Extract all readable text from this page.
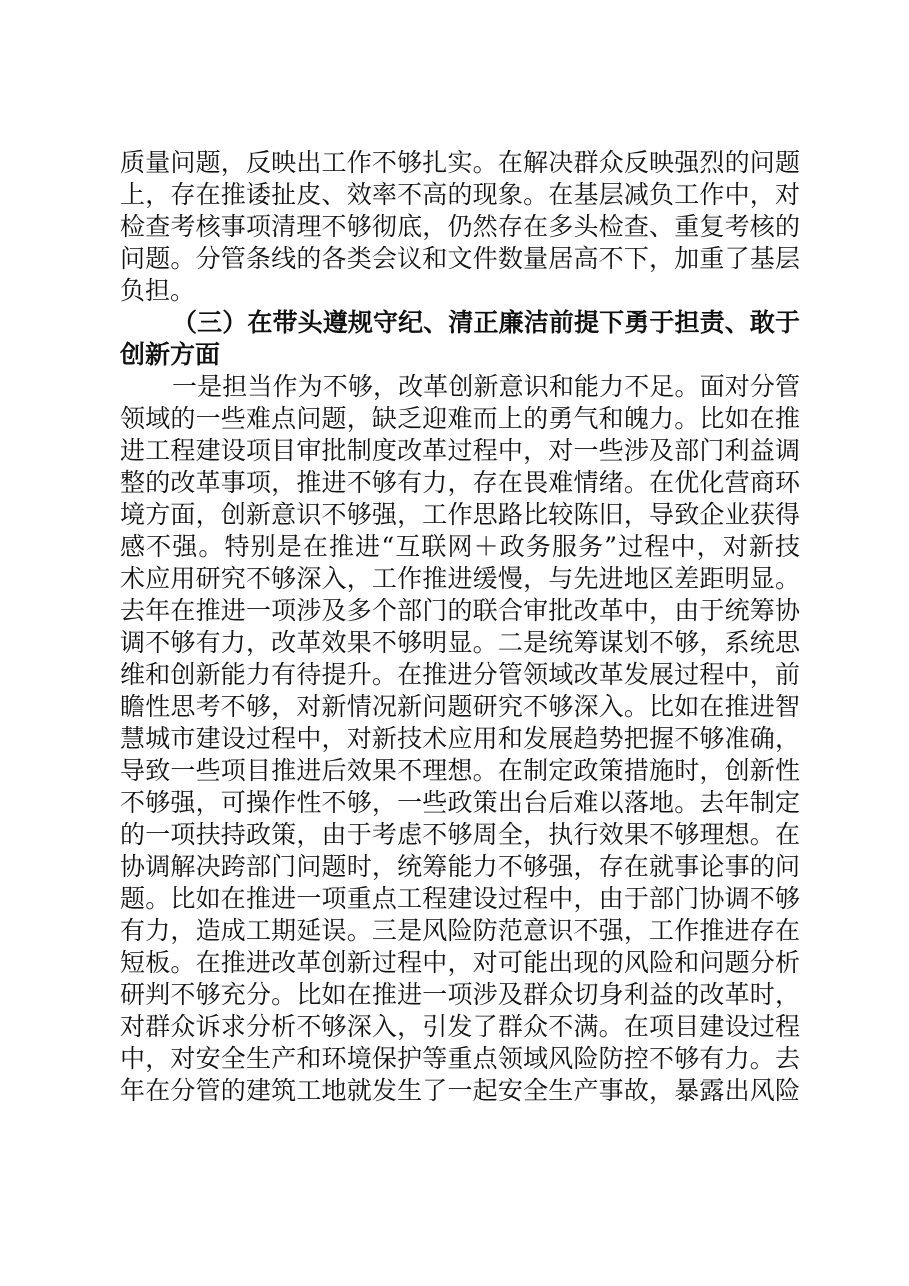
质量问题，反映出工作不够扎实。在解决群众反映强烈的问题
上，存在推诿扯皮、效率不高的现象。在基层减负工作中，对
检查考核事项清理不够彻底，仍然存在多头检查、重复考核的
问题。分管条线的各类会议和文件数量居高不下，加重了基层
负担。
（三）在带头遵规守纪、清正廉洁前提下勇于担责、敢于
创新方面
一是担当作为不够，改革创新意识和能力不足。面对分管
领域的一些难点问题，缺乏迎难而上的勇气和魄力。比如在推
进工程建设项目审批制度改革过程中，对一些涉及部门利益调
整的改革事项，推进不够有力，存在畏难情绪。在优化营商环
境方面，创新意识不够强，工作思路比较陈旧，导致企业获得
感不强。特别是在推进“互联网＋政务服务”过程中，对新技
术应用研究不够深入，工作推进缓慢，与先进地区差距明显。
去年在推进一项涉及多个部门的联合审批改革中，由于统筹协
调不够有力，改革效果不够明显。二是统筹谋划不够，系统思
维和创新能力有待提升。在推进分管领域改革发展过程中，前
瞻性思考不够，对新情况新问题研究不够深入。比如在推进智
慧城市建设过程中，对新技术应用和发展趋势把握不够准确，
导致一些项目推进后效果不理想。在制定政策措施时，创新性
不够强，可操作性不够，一些政策出台后难以落地。去年制定
的一项扶持政策，由于考虑不够周全，执行效果不够理想。在
协调解决跨部门问题时，统筹能力不够强，存在就事论事的问
题。比如在推进一项重点工程建设过程中，由于部门协调不够
有力，造成工期延误。三是风险防范意识不强，工作推进存在
短板。在推进改革创新过程中，对可能出现的风险和问题分析
研判不够充分。比如在推进一项涉及群众切身利益的改革时，
对群众诉求分析不够深入，引发了群众不满。在项目建设过程
中，对安全生产和环境保护等重点领域风险防控不够有力。去
年在分管的建筑工地就发生了一起安全生产事故，暴露出风险
